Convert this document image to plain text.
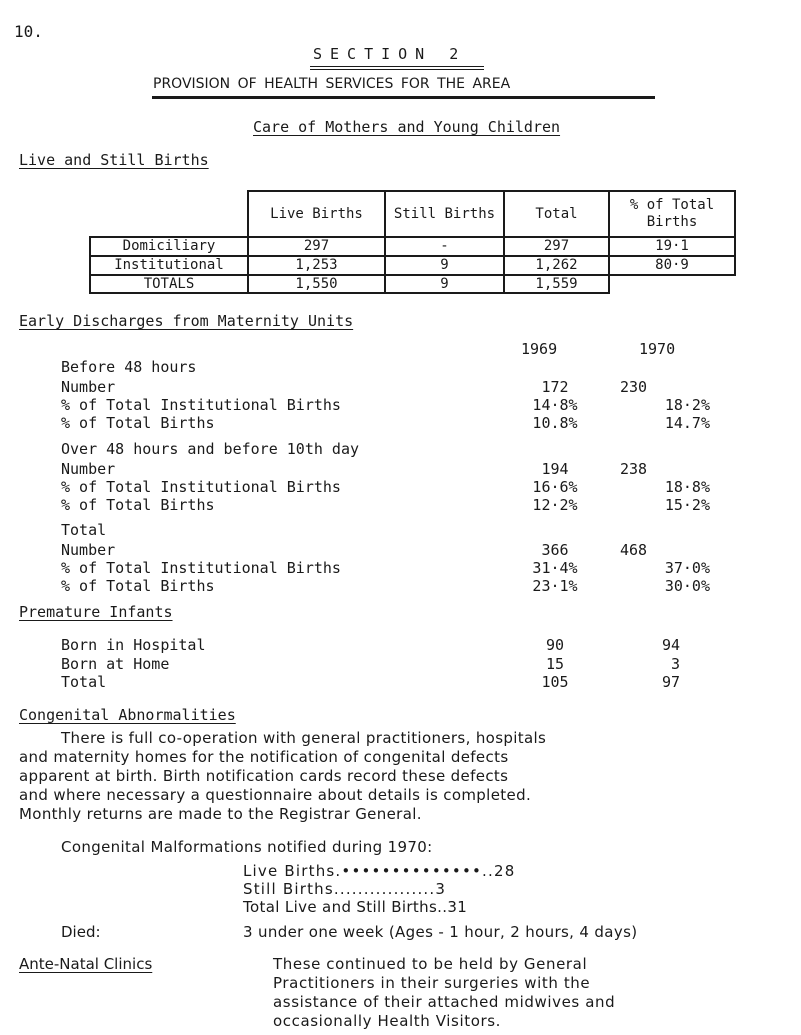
10.
SECTION 2
PROVISION OF HEALTH SERVICES FOR THE AREA
Care of Mothers and Young Children
Live and Still Births
	Live Births	Still Births	Total	% of Total Births
Domiciliary	297	-	297	19·1
Institutional	1,253	9	1,262	80·9
TOTALS	1,550	9	1,559	
Early Discharges from Maternity Units
1969	1970
Before 48 hours
Number	172	230
% of Total Institutional Births	14·8%	18·2%
% of Total Births	10.8%	14.7%
Over 48 hours and before 10th day
Number	194	238
% of Total Institutional Births	16·6%	18·8%
% of Total Births	12·2%	15·2%
Total
Number	366	468
% of Total Institutional Births	31·4%	37·0%
% of Total Births	23·1%	30·0%
Premature Infants
Born in Hospital	90	94
Born at Home	15	3
Total	105	97
Congenital Abnormalities
There is full co-operation with general practitioners, hospitals
and maternity homes for the notification of congenital defects
apparent at birth. Birth notification cards record these defects
and where necessary a questionnaire about details is completed.
Monthly returns are made to the Registrar General.
Congenital Malformations notified during 1970:
Live Births.••••••••••••••..28
Still Births.................3
Total Live and Still Births..31
Died:	3 under one week (Ages - 1 hour, 2 hours, 4 days)
Ante-Natal Clinics	These continued to be held by General
Practitioners in their surgeries with the
assistance of their attached midwives and
occasionally Health Visitors.
